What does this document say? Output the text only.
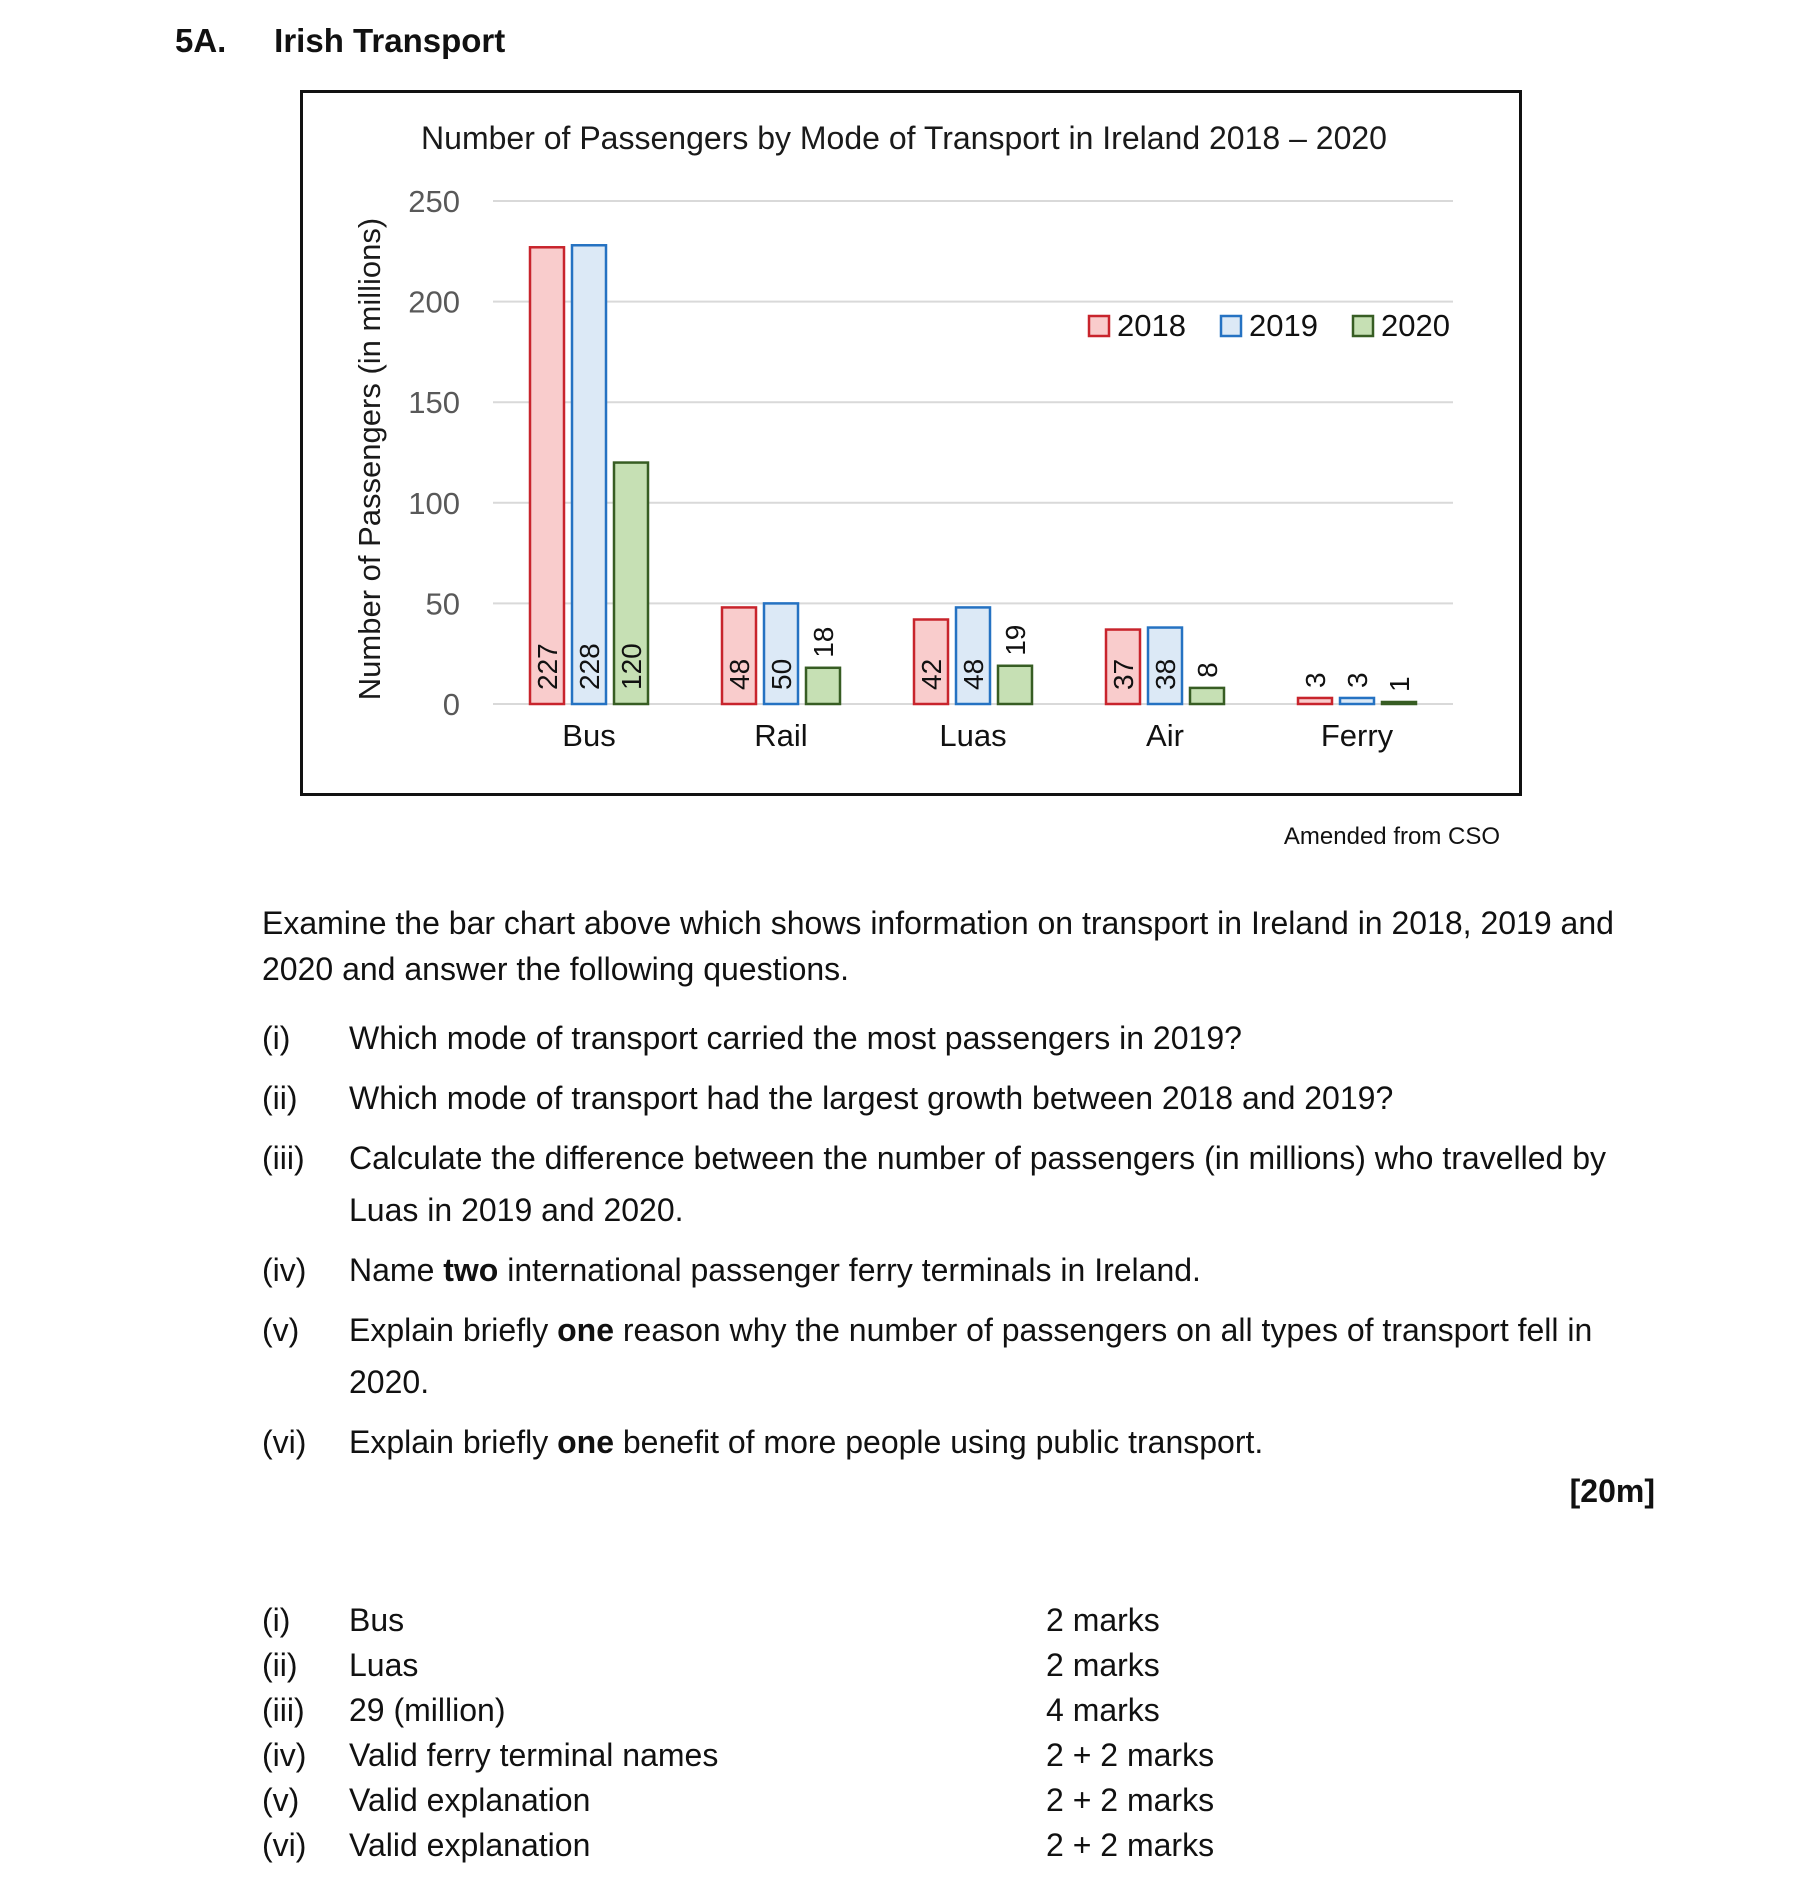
5A. Irish Transport
Number of Passengers by Mode of Transport in Ireland 2018 – 2020
Number of Passengers (in millions)
0
50
100
150
200
250
227 228 120
Bus
48 50
18
Rail
42 48
19
Luas
37 38 8
Air
3 3 1
Ferry
2018 2019 2020
Amended from CSO
Examine the bar chart above which shows information on transport in Ireland in 2018, 2019 and 2020 and answer the following questions.
(i)	Which mode of transport carried the most passengers in 2019?
(ii)	Which mode of transport had the largest growth between 2018 and 2019?
(iii)	Calculate the difference between the number of passengers (in millions) who travelled by Luas in 2019 and 2020.
(iv)	Name two international passenger ferry terminals in Ireland.
(v)	Explain briefly one reason why the number of passengers on all types of transport fell in 2020.
(vi)	Explain briefly one benefit of more people using public transport.
[20m]
(i)	Bus	2 marks
(ii)	Luas	2 marks
(iii)	29 (million)	4 marks
(iv)	Valid ferry terminal names	2 + 2 marks
(v)	Valid explanation	2 + 2 marks
(vi)	Valid explanation	2 + 2 marks
